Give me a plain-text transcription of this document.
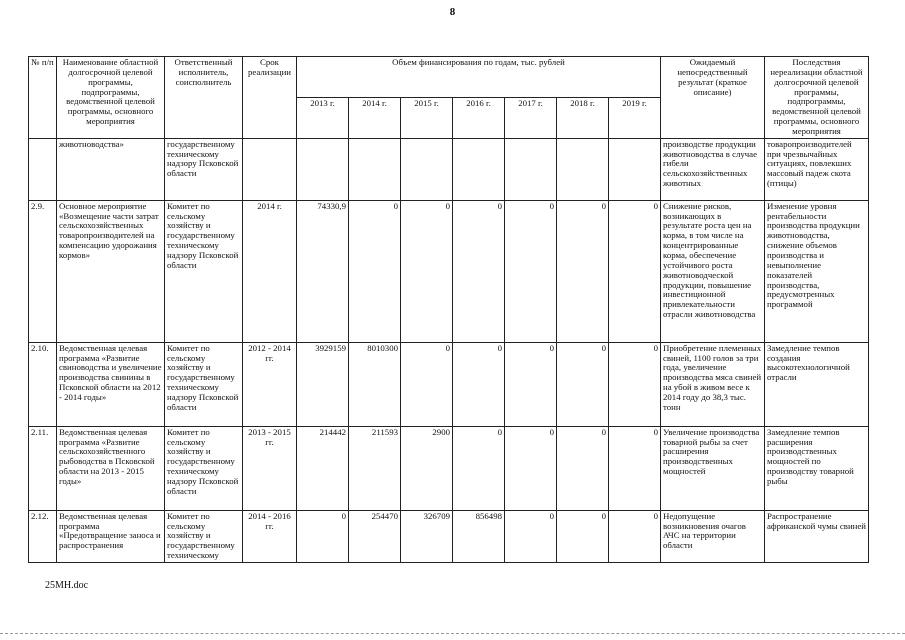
8
№ п/п	Наименование областной долгосрочной целевой программы, подпрограммы, ведомственной целевой программы, основного мероприятия	Ответственный исполнитель, соисполнитель	Срок реализации	Объем финансирования по годам, тыс. рублей							Ожидаемый непосредственный результат (краткое описание)	Последствия нереализации областной долгосрочной целевой программы, подпрограммы, ведомственной целевой программы, основного мероприятия
				2013 г.	2014 г.	2015 г.	2016 г.	2017 г.	2018 г.	2019 г.		
	животноводства»	государственному техническому надзору Псковской области									производстве продукции животноводства в случае гибели сельскохозяйственных животных	товаропроизводителей при чрезвычайных ситуациях, повлекших массовый падеж скота (птицы)
2.9.	Основное мероприятие «Возмещение части затрат сельскохозяйственных товаропроизводителей на компенсацию удорожания кормов»	Комитет по сельскому хозяйству и государственному техническому надзору Псковской области	2014 г.	74330,9	0	0	0	0	0	0	Снижение рисков, возникающих в результате роста цен на корма, в том числе на концентрированные корма, обеспечение устойчивого роста животноводческой продукции, повышение инвестиционной привлекательности отрасли животноводства	Изменение уровня рентабельности производства продукции животноводства, снижение объемов производства и невыполнение показателей производства, предусмотренных программой
2.10.	Ведомственная целевая программа «Развитие свиноводства и увеличение производства свинины в Псковской области на 2012 - 2014 годы»	Комитет по сельскому хозяйству и государственному техническому надзору Псковской области	2012 - 2014 гг.	3929159	8010300	0	0	0	0	0	Приобретение племенных свиней, 1100 голов за три года, увеличение производства мяса свиней на убой в живом весе к 2014 году до 38,3 тыс. тонн	Замедление темпов создания высокотехнологичной отрасли
2.11.	Ведомственная целевая программа «Развитие сельскохозяйственного рыбоводства в Псковской области на 2013 - 2015 годы»	Комитет по сельскому хозяйству и государственному техническому надзору Псковской области	2013 - 2015 гг.	214442	211593	2900	0	0	0	0	Увеличение производства товарной рыбы за счет расширения производственных мощностей	Замедление темпов расширения производственных мощностей по производству товарной рыбы
2.12.	Ведомственная целевая программа «Предотвращение заноса и распространения	Комитет по сельскому хозяйству и государственному техническому	2014 - 2016 гг.	0	254470	326709	856498	0	0	0	Недопущение возникновения очагов АЧС на территории области	Распространение африканской чумы свиней
25МН.doc
